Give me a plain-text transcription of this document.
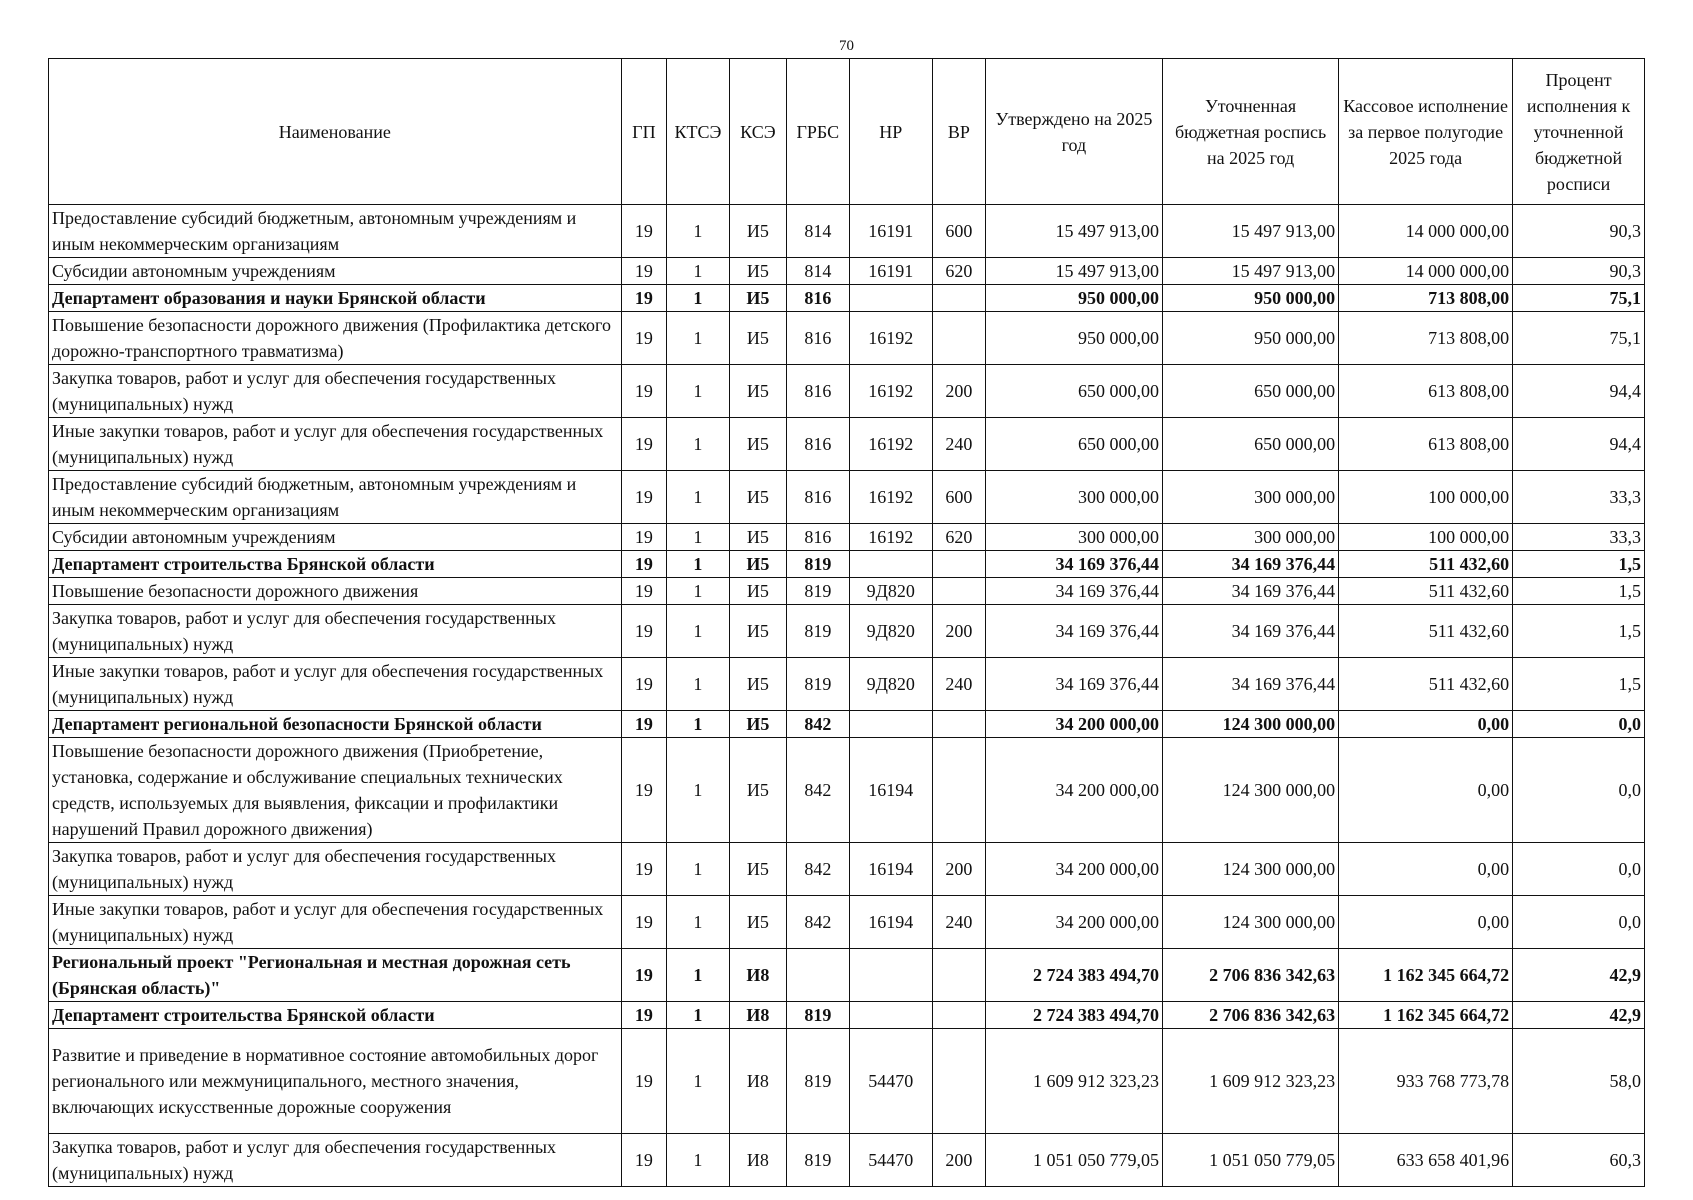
70
Наименование	ГП	КТСЭ	КСЭ	ГРБС	НР	ВР	Утверждено на 2025 год	Уточненная бюджетная роспись на 2025 год	Кассовое исполнение за первое полугодие 2025 года	Процент исполнения к уточненной бюджетной росписи
Предоставление субсидий бюджетным, автономным учреждениям и иным некоммерческим организациям	19	1	И5	814	16191	600	15 497 913,00	15 497 913,00	14 000 000,00	90,3
Субсидии автономным учреждениям	19	1	И5	814	16191	620	15 497 913,00	15 497 913,00	14 000 000,00	90,3
Департамент образования и науки Брянской области	19	1	И5	816			950 000,00	950 000,00	713 808,00	75,1
Повышение безопасности дорожного движения (Профилактика детского дорожно-транспортного травматизма)	19	1	И5	816	16192		950 000,00	950 000,00	713 808,00	75,1
Закупка товаров, работ и услуг для обеспечения государственных (муниципальных) нужд	19	1	И5	816	16192	200	650 000,00	650 000,00	613 808,00	94,4
Иные закупки товаров, работ и услуг для обеспечения государственных (муниципальных) нужд	19	1	И5	816	16192	240	650 000,00	650 000,00	613 808,00	94,4
Предоставление субсидий бюджетным, автономным учреждениям и иным некоммерческим организациям	19	1	И5	816	16192	600	300 000,00	300 000,00	100 000,00	33,3
Субсидии автономным учреждениям	19	1	И5	816	16192	620	300 000,00	300 000,00	100 000,00	33,3
Департамент строительства Брянской области	19	1	И5	819			34 169 376,44	34 169 376,44	511 432,60	1,5
Повышение безопасности дорожного движения	19	1	И5	819	9Д820		34 169 376,44	34 169 376,44	511 432,60	1,5
Закупка товаров, работ и услуг для обеспечения государственных (муниципальных) нужд	19	1	И5	819	9Д820	200	34 169 376,44	34 169 376,44	511 432,60	1,5
Иные закупки товаров, работ и услуг для обеспечения государственных (муниципальных) нужд	19	1	И5	819	9Д820	240	34 169 376,44	34 169 376,44	511 432,60	1,5
Департамент региональной безопасности Брянской области	19	1	И5	842			34 200 000,00	124 300 000,00	0,00	0,0
Повышение безопасности дорожного движения (Приобретение, установка, содержание и обслуживание специальных технических средств, используемых для выявления, фиксации и профилактики нарушений Правил дорожного движения)	19	1	И5	842	16194		34 200 000,00	124 300 000,00	0,00	0,0
Закупка товаров, работ и услуг для обеспечения государственных (муниципальных) нужд	19	1	И5	842	16194	200	34 200 000,00	124 300 000,00	0,00	0,0
Иные закупки товаров, работ и услуг для обеспечения государственных (муниципальных) нужд	19	1	И5	842	16194	240	34 200 000,00	124 300 000,00	0,00	0,0
Региональный проект "Региональная и местная дорожная сеть (Брянская область)"	19	1	И8				2 724 383 494,70	2 706 836 342,63	1 162 345 664,72	42,9
Департамент строительства Брянской области	19	1	И8	819			2 724 383 494,70	2 706 836 342,63	1 162 345 664,72	42,9
Развитие и приведение в нормативное состояние автомобильных дорог регионального или межмуниципального, местного значения, включающих искусственные дорожные сооружения	19	1	И8	819	54470		1 609 912 323,23	1 609 912 323,23	933 768 773,78	58,0
Закупка товаров, работ и услуг для обеспечения государственных (муниципальных) нужд	19	1	И8	819	54470	200	1 051 050 779,05	1 051 050 779,05	633 658 401,96	60,3
